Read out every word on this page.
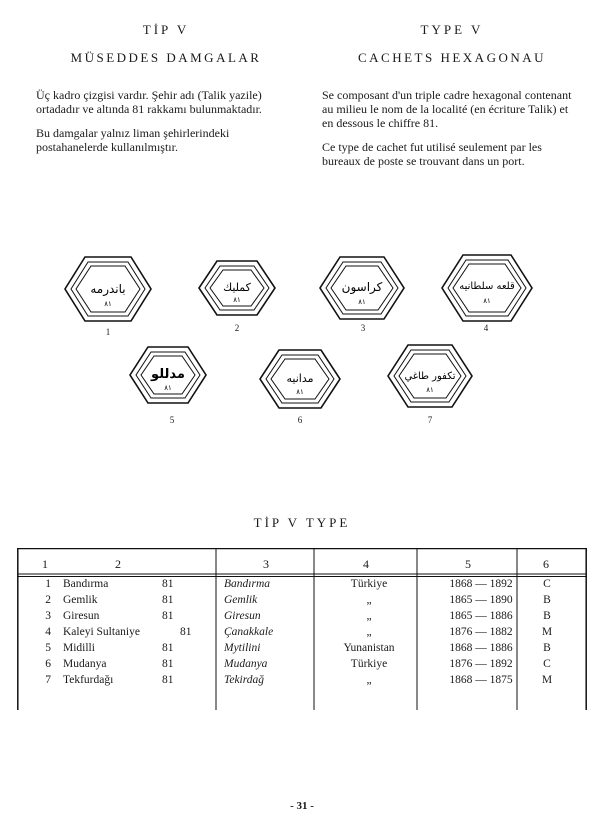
TİP V
MÜSEDDES DAMGALAR

Üç kadro çizgisi vardır. Şehir adı (Talik yazile) ortadadır ve altında 81 rakkamı bulunmaktadır.

Bu damgalar yalnız liman şehirlerindeki postahanelerde kullanılmıştır.

TYPE V
CACHETS HEXAGONAU

Se composant d'un triple cadre hexagonal contenant au milieu le nom de la localité (en écriture Talik) et en dessous le chiffre 81.

Ce type de cachet fut utilisé seulement par les bureaux de poste se trouvant dans un port.

باندرمه
٨١
1
كمليك
٨١
2
كراسون
٨١
3
قلعه سلطانيه
٨١
4
مدللو
٨١
5
مدانيه
٨١
6
تكفور طاغي
٨١
7
TİP V TYPE
1	2	3	4	5	6
1 Bandırma	81	Bandırma	Türkiye	1868 — 1892	C
2 Gemlik	81	Gemlik	„	1865 — 1890	B
3 Giresun	81	Giresun	„	1865 — 1886	B
4 Kaleyi Sultaniye	81	Çanakkale	„	1876 — 1882	M
5 Midilli	81	Mytilini	Yunanistan	1868 — 1886	B
6 Mudanya	81	Mudanya	Türkiye	1876 — 1892	C
7 Tekfurdağı	81	Tekirdağ	„	1868 — 1875	M
- 31 -
